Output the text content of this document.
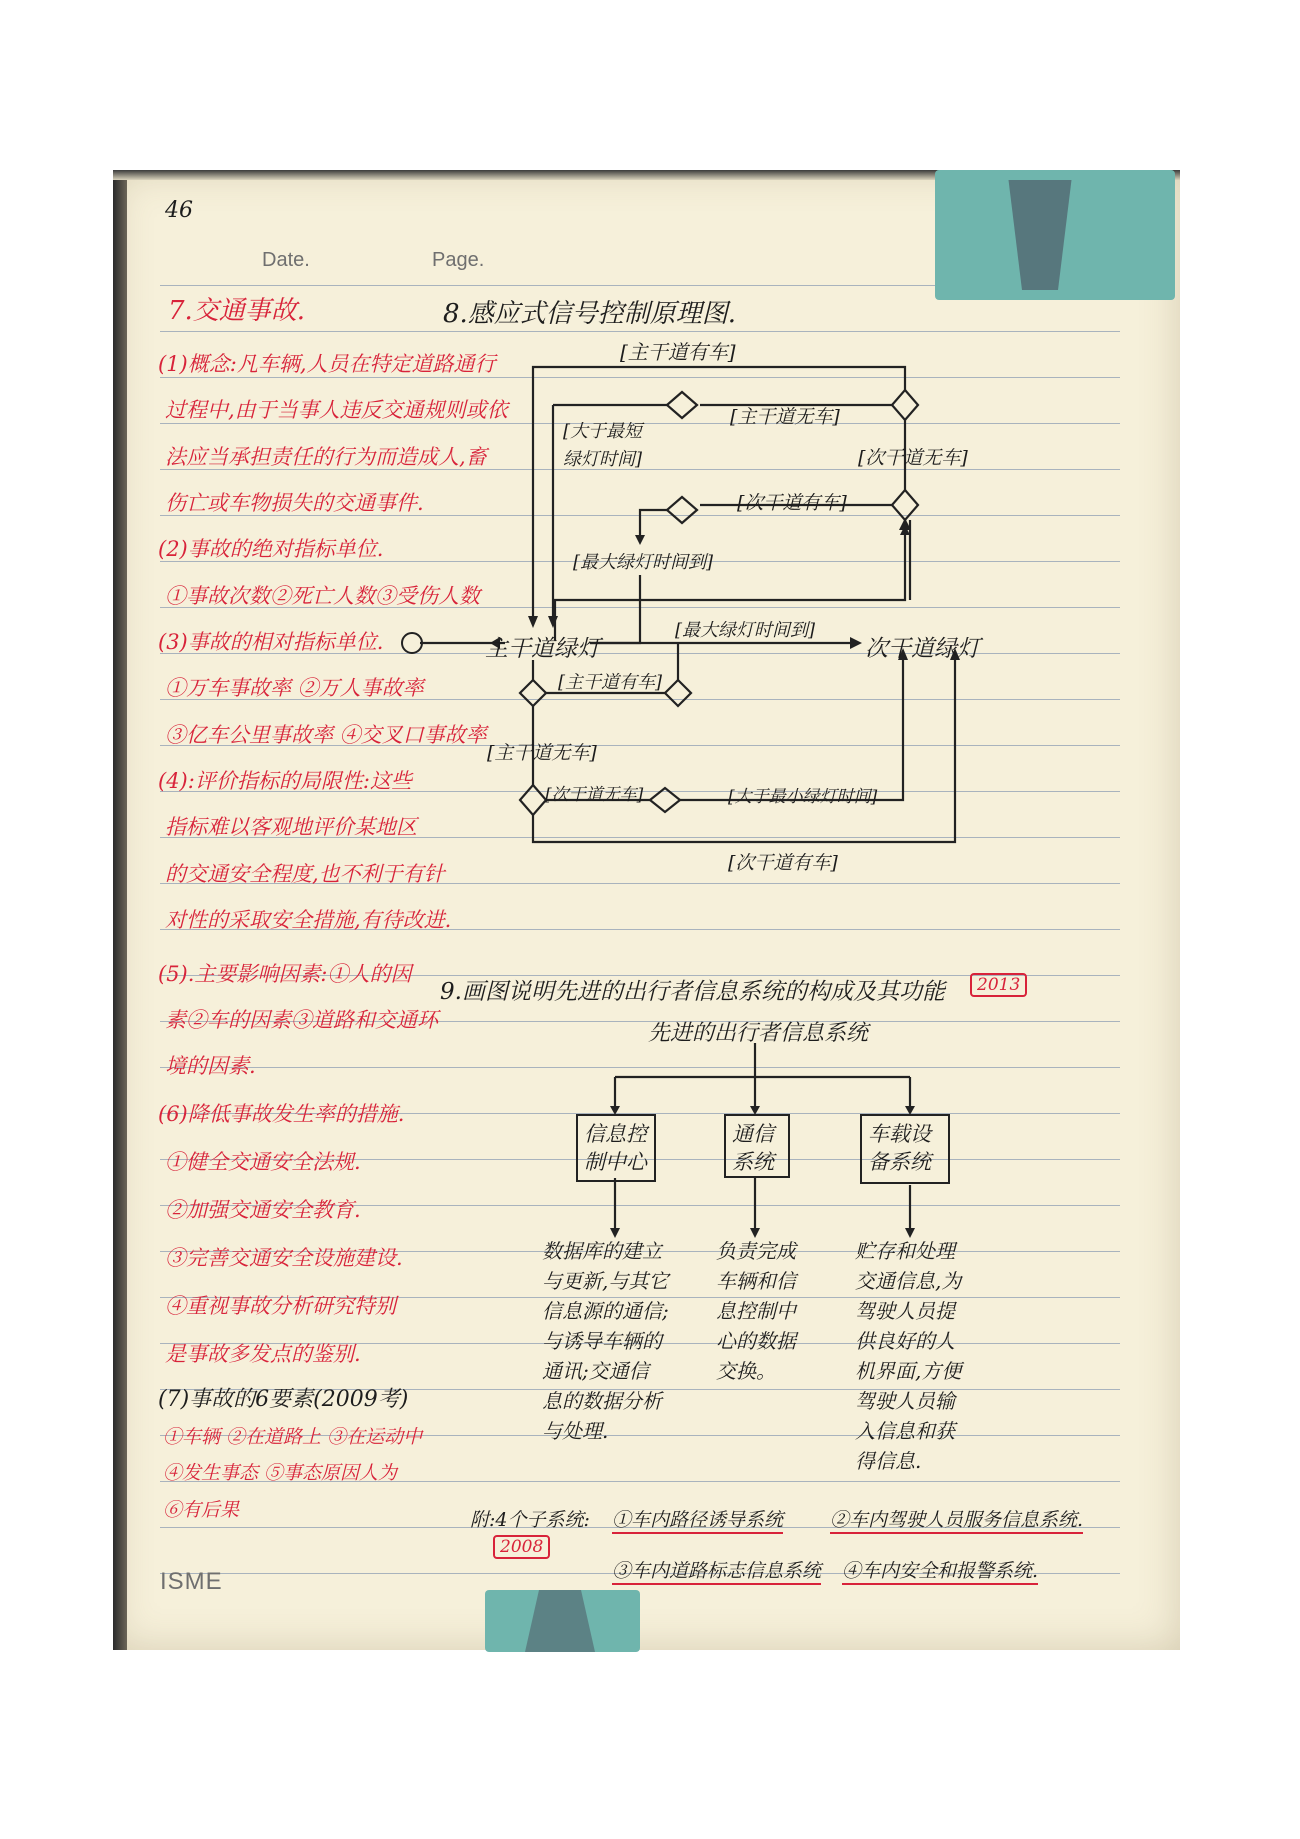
46
Date.	Page.
7.交通事故.
(1)概念:凡车辆,人员在特定道路通行
过程中,由于当事人违反交通规则或依
法应当承担责任的行为而造成人,畜
伤亡或车物损失的交通事件.
(2)事故的绝对指标单位.
①事故次数②死亡人数③受伤人数
(3)事故的相对指标单位.
①万车事故率 ②万人事故率
③亿车公里事故率 ④交叉口事故率
(4):评价指标的局限性:这些
指标难以客观地评价某地区
的交通安全程度,也不利于有针
对性的采取安全措施,有待改进.
(5).主要影响因素:①人的因
素②车的因素③道路和交通环
境的因素.
(6)降低事故发生率的措施.
①健全交通安全法规.
②加强交通安全教育.
③完善交通安全设施建设.
④重视事故分析研究特别
是事故多发点的鉴别.
(7)事故的6要素(2009考)
①车辆 ②在道路上 ③在运动中
④发生事态 ⑤事态原因人为
⑥有后果
8.感应式信号控制原理图.
[主干道有车]
[主干道无车]
[大于最短
绿灯时间]	[次干道无车]
[次干道有车]
[最大绿灯时间到]
主干道绿灯
[最大绿灯时间到]
次干道绿灯
[主干道有车]
[主干道无车]
[次干道无车]	[大于最小绿灯时间]
[次干道有车]
9.画图说明先进的出行者信息系统的构成及其功能	2013
先进的出行者信息系统
信息控制中心
通信系统
车载设备系统
数据库的建立
与更新,与其它
信息源的通信;
与诱导车辆的
通讯;交通信
息的数据分析
与处理.
负责完成
车辆和信
息控制中
心的数据
交换。
贮存和处理
交通信息,为
驾驶人员提
供良好的人
机界面,方便
驾驶人员输
入信息和获
得信息.
附:4个子系统:
2008
①车内路径诱导系统 ②车内驾驶人员服务信息系统.
③车内道路标志信息系统 ④车内安全和报警系统.
ISME
